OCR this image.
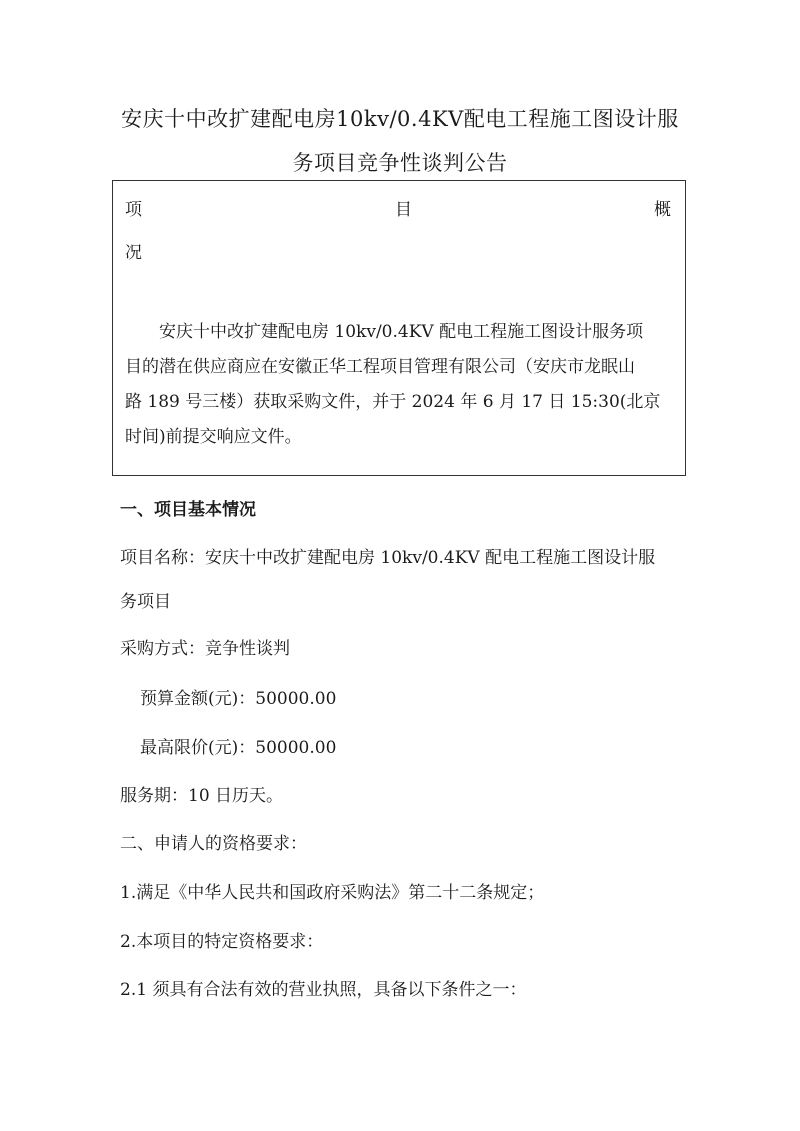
安庆十中改扩建配电房10kv/0.4KV配电工程施工图设计服
务项目竞争性谈判公告
项	目	概
况
安庆十中改扩建配电房 10kv/0.4KV 配电工程施工图设计服务项
目的潜在供应商应在安徽正华工程项目管理有限公司（安庆市龙眠山
路 189 号三楼）获取采购文件，并于 2024 年 6 月 17 日 15:30(北京
时间)前提交响应文件。
一、项目基本情况
项目名称：安庆十中改扩建配电房 10kv/0.4KV 配电工程施工图设计服
务项目
采购方式：竞争性谈判
预算金额(元)：50000.00
最高限价(元)：50000.00
服务期：10 日历天。
二、申请人的资格要求：
1.满足《中华人民共和国政府采购法》第二十二条规定；
2.本项目的特定资格要求：
2.1 须具有合法有效的营业执照，具备以下条件之一：
